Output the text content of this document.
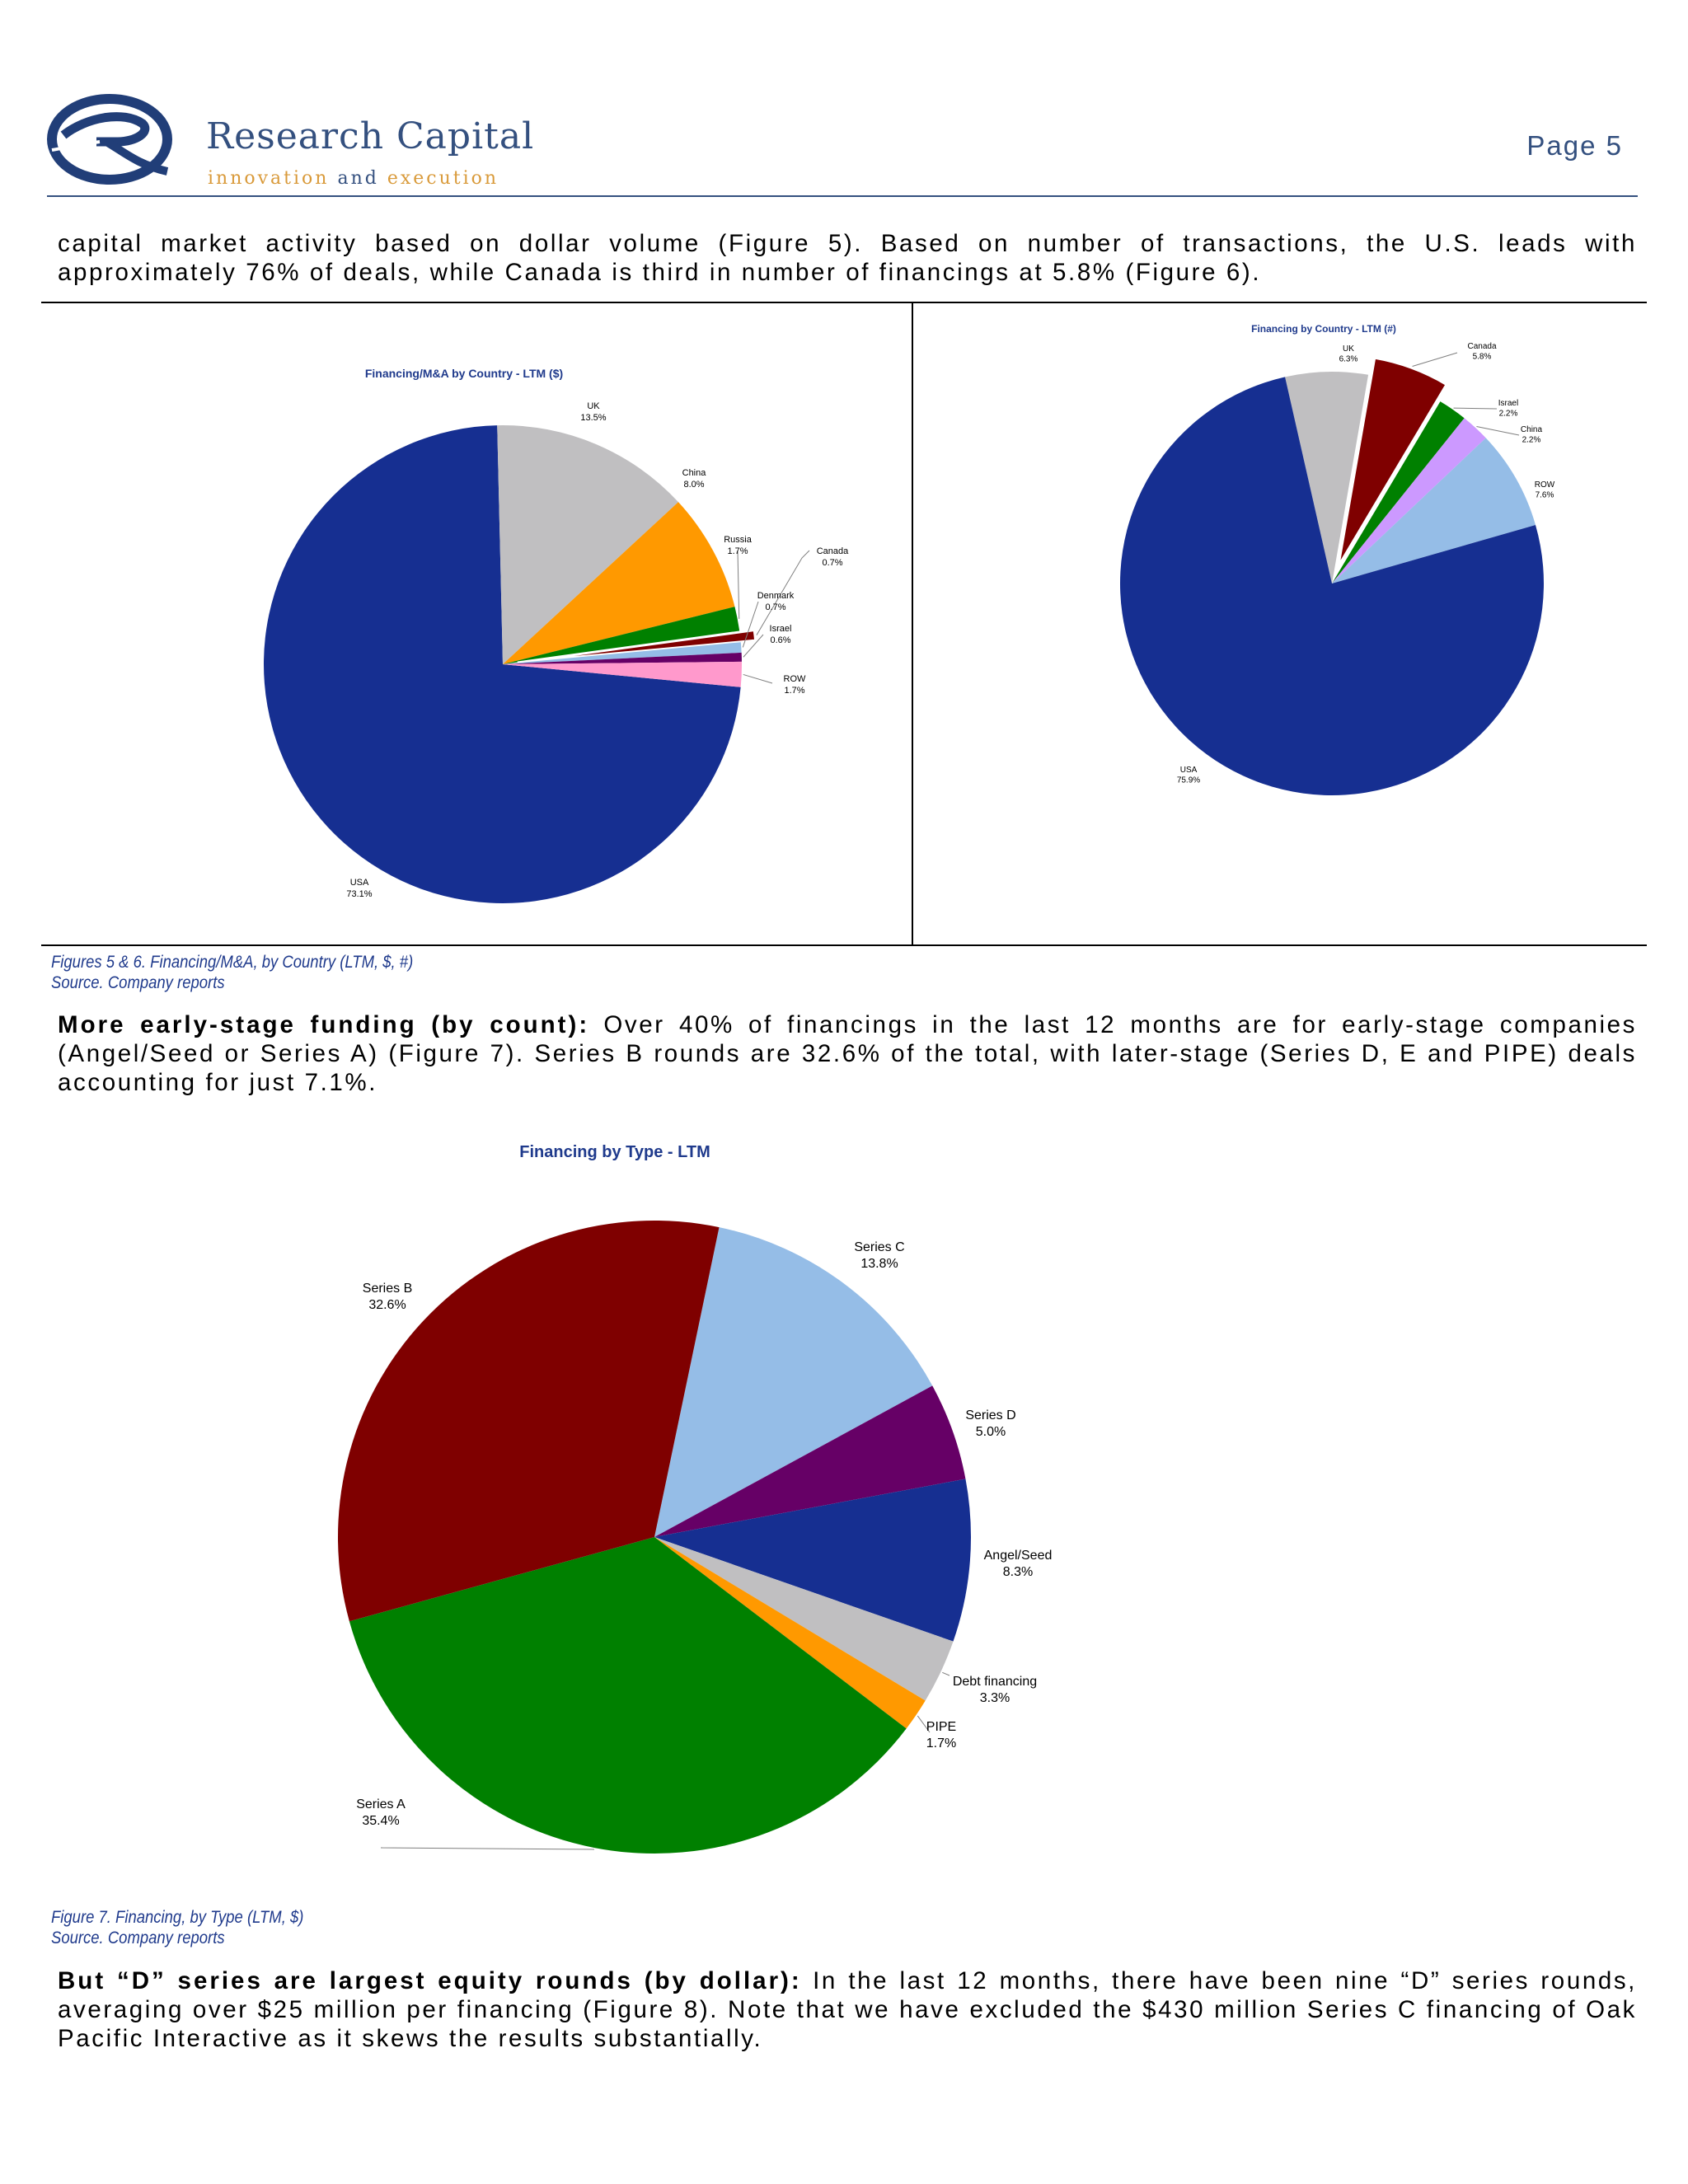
Research Capital
innovation and execution
Page 5
capital market activity based on dollar volume (Figure 5). Based on number of transactions, the U.S. leads with
approximately 76% of deals, while Canada is third in number of financings at 5.8% (Figure 6).
Financing/M&A by Country - LTM ($)
USA
73.1%
UK
13.5%
China
8.0%
Russia
1.7%	Canada
0.7%
Denmark
0.7%
Israel
0.6%
ROW
1.7%
Financing by Country - LTM (#)
UK
6.3%
Canada
5.8%
Israel
2.2%
China
2.2%
ROW
7.6%
USA
75.9%
Figures 5 & 6. Financing/M&A, by Country (LTM, $, #)
Source. Company reports
More early-stage funding (by count): Over 40% of financings in the last 12 months are for early-stage companies (Angel/Seed or Series A) (Figure 7). Series B rounds are 32.6% of the total, with later-stage (Series D, E and PIPE) deals accounting for just 7.1%.
Financing by Type - LTM
Series C
13.8%
Series D
5.0%
Angel/Seed
8.3%
Debt financing
3.3%
PIPE
1.7%
Series A
35.4%
Series B
32.6%
Figure 7. Financing, by Type (LTM, $)
Source. Company reports
But “D” series are largest equity rounds (by dollar): In the last 12 months, there have been nine “D” series rounds, averaging over $25 million per financing (Figure 8). Note that we have excluded the $430 million Series C financing of Oak Pacific Interactive as it skews the results substantially.
